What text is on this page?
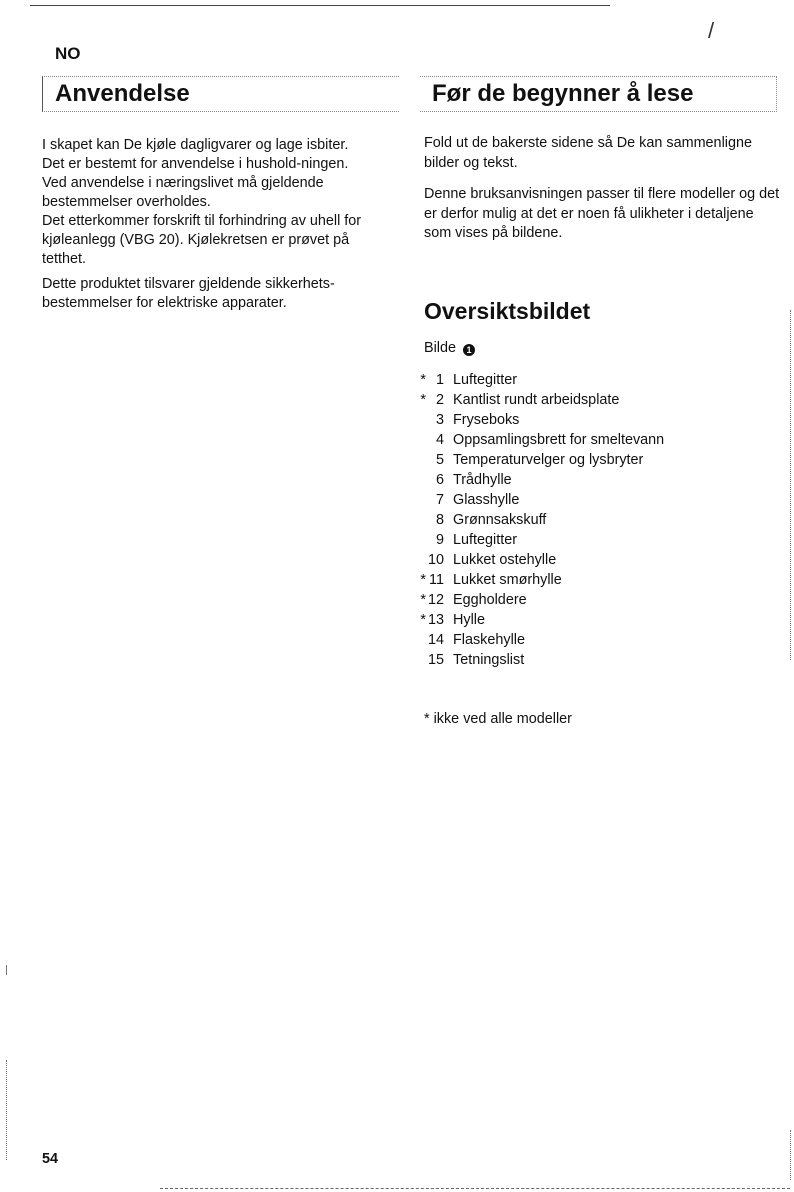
/
NO
Anvendelse	Før de begynner å lese

I skapet kan De kjøle dagligvarer og lage isbiter.

Det er bestemt for anvendelse i hushold-ningen.

Ved anvendelse i næringslivet må gjeldende bestemmelser overholdes.

Det etterkommer forskrift til forhindring av uhell for kjøleanlegg (VBG 20). Kjølekretsen er prøvet på tetthet.

Dette produktet tilsvarer gjeldende sikkerhets-bestemmelser for elektriske apparater.

Fold ut de bakerste sidene så De kan sammenligne bilder og tekst.

Denne bruksanvisningen passer til flere modeller og det er derfor mulig at det er noen få ulikheter i detaljene som vises på bildene.

Oversiktsbildet
Bilde 1
* 1 Luftegitter
* 2 Kantlist rundt arbeidsplate
3 Fryseboks
4 Oppsamlingsbrett for smeltevann
5 Temperaturvelger og lysbryter
6 Trådhylle
7 Glasshylle
8 Grønnsakskuff
9 Luftegitter
10 Lukket ostehylle
* 11 Lukket smørhylle
* 12 Eggholdere
* 13 Hylle
14 Flaskehylle
15 Tetningslist
* ikke ved alle modeller
54
